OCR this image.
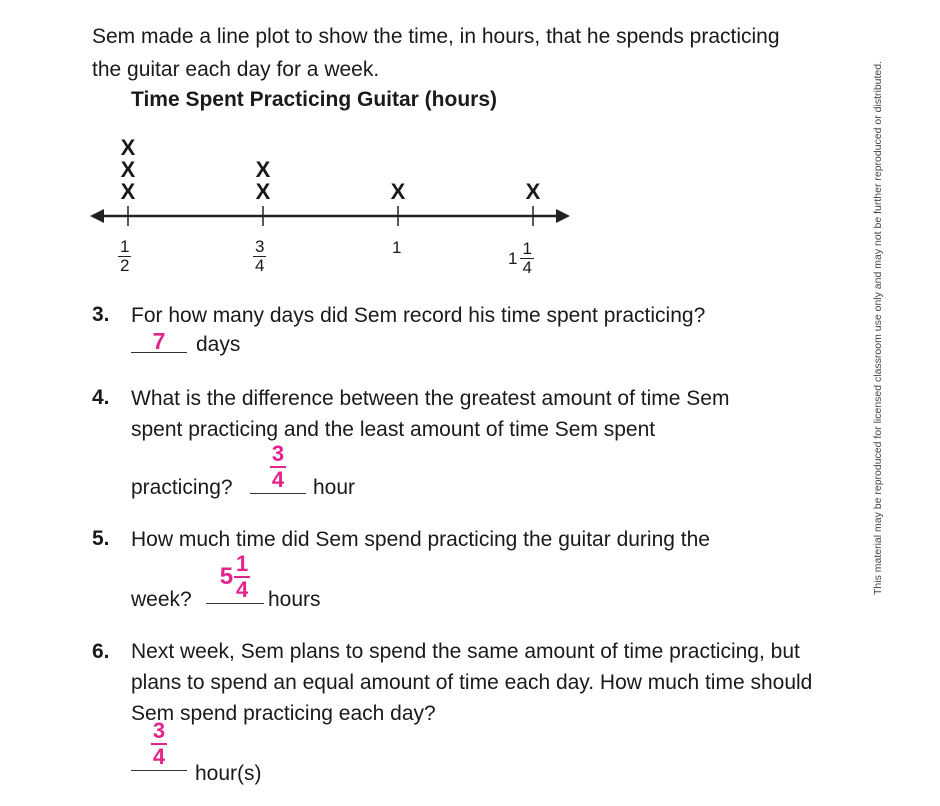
Sem made a line plot to show the time, in hours, that he spends practicing the guitar each day for a week.
Time Spent Practicing Guitar (hours)
X
X
X
X
X
X	X
$\frac{1}{2}$	$\frac{3}{4}$	1
$1 \frac{1}{4}$
3. For how many days did Sem record his time spent practicing?
7	days
4. What is the difference between the greatest amount of time Sem
spent practicing and the least amount of time Sem spent
practicing? $\frac{3}{4}$ hour
5. How much time did Sem spend practicing the guitar during the
week?
$5 \frac{1}{4}$ hours
6. Next week, Sem plans to spend the same amount of time practicing, but plans to spend an equal amount of time each day. How much time should Sem spend practicing each day?
$\frac{3}{4}$
hour(s)
This material may be reproduced for licensed classroom use only and may not be further reproduced or distributed.
